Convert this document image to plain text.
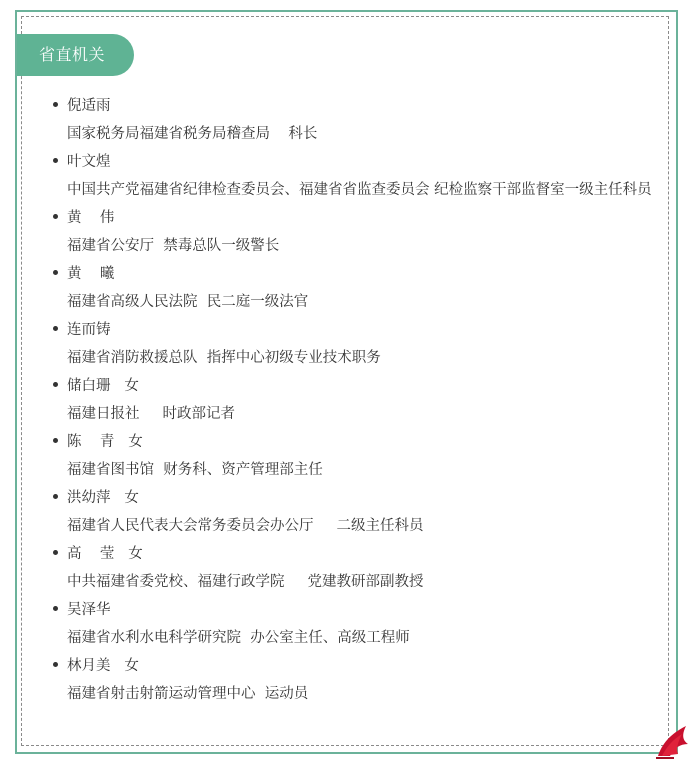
省直机关
倪适雨
国家税务局福建省税务局稽查局    科长
叶文煌
中国共产党福建省纪律检查委员会、福建省省监查委员会 纪检监察干部监督室一级主任科员
黄    伟
福建省公安厅  禁毒总队一级警长
黄    曦
福建省高级人民法院  民二庭一级法官
连而铸
福建省消防救援总队  指挥中心初级专业技术职务
储白珊   女
福建日报社     时政部记者
陈    青   女
福建省图书馆  财务科、资产管理部主任
洪幼萍   女
福建省人民代表大会常务委员会办公厅     二级主任科员
高    莹   女
中共福建省委党校、福建行政学院     党建教研部副教授
吴泽华
福建省水利水电科学研究院  办公室主任、高级工程师
林月美   女
福建省射击射箭运动管理中心  运动员
